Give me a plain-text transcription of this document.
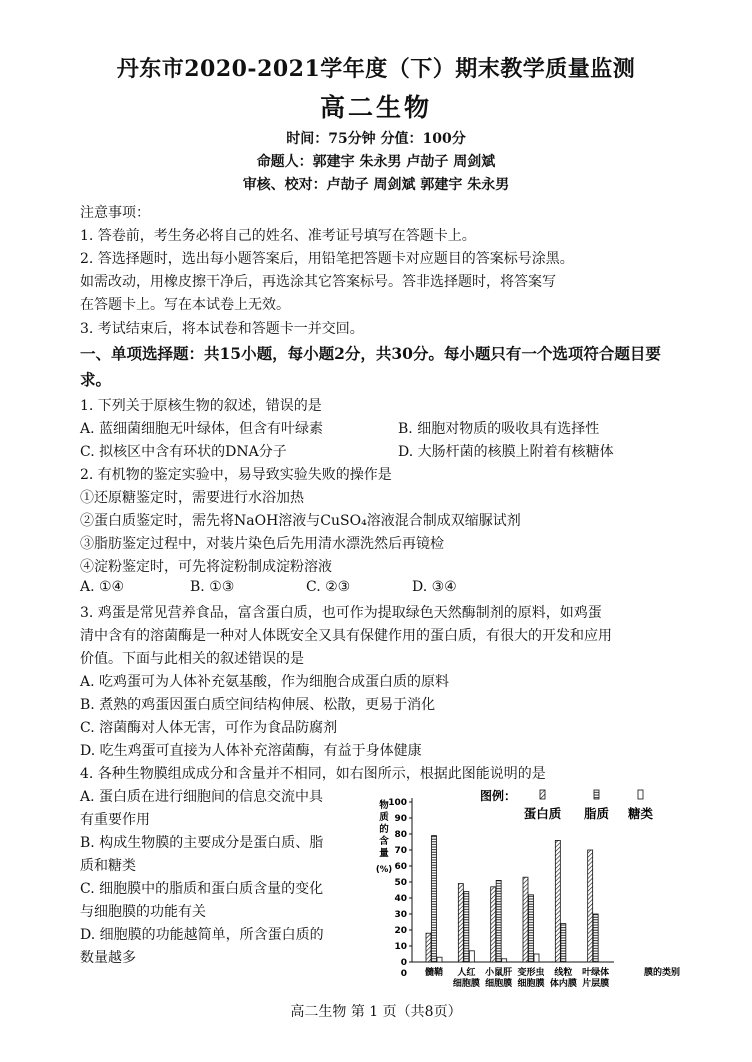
丹东市2020-2021学年度（下）期末教学质量监测
高二生物
时间：75分钟 分值：100分
命题人：郭建宇 朱永男 卢劼子 周剑斌
审核、校对：卢劼子 周剑斌 郭建宇 朱永男
注意事项：
1. 答卷前，考生务必将自己的姓名、准考证号填写在答题卡上。
2. 答选择题时，选出每小题答案后，用铅笔把答题卡对应题目的答案标号涂黑。
如需改动，用橡皮擦干净后，再选涂其它答案标号。答非选择题时，将答案写
在答题卡上。写在本试卷上无效。
3. 考试结束后，将本试卷和答题卡一并交回。
一、单项选择题：共15小题，每小题2分，共30分。每小题只有一个选项符合题目要
求。
1. 下列关于原核生物的叙述，错误的是
A. 蓝细菌细胞无叶绿体，但含有叶绿素	B. 细胞对物质的吸收具有选择性
C. 拟核区中含有环状的DNA分子	D. 大肠杆菌的核膜上附着有核糖体
2. 有机物的鉴定实验中，易导致实验失败的操作是
①还原糖鉴定时，需要进行水浴加热
②蛋白质鉴定时，需先将NaOH溶液与CuSO₄溶液混合制成双缩脲试剂
③脂肪鉴定过程中，对装片染色后先用清水漂洗然后再镜检
④淀粉鉴定时，可先将淀粉制成淀粉溶液
A. ①④	B. ①③	C. ②③	D. ③④
3. 鸡蛋是常见营养食品，富含蛋白质，也可作为提取绿色天然酶制剂的原料，如鸡蛋
清中含有的溶菌酶是一种对人体既安全又具有保健作用的蛋白质，有很大的开发和应用
价值。下面与此相关的叙述错误的是
A. 吃鸡蛋可为人体补充氨基酸，作为细胞合成蛋白质的原料
B. 煮熟的鸡蛋因蛋白质空间结构伸展、松散，更易于消化
C. 溶菌酶对人体无害，可作为食品防腐剂
D. 吃生鸡蛋可直接为人体补充溶菌酶，有益于身体健康
4. 各种生物膜组成成分和含量并不相同，如右图所示，根据此图能说明的是
A. 蛋白质在进行细胞间的信息交流中具
有重要作用
B. 构成生物膜的主要成分是蛋白质、脂
质和糖类
C. 细胞膜中的脂质和蛋白质含量的变化
与细胞膜的功能有关
D. 细胞膜的功能越简单，所含蛋白质的
数量越多
物
质
的
含
量
(%)
0
10
20
30
40
50
60
70
80
90
100
髓鞘 人红
细胞膜
小鼠肝
细胞膜
变形虫
细胞膜
线粒
体内膜
叶绿体
片层膜
膜的类别
0
图例：
蛋白质 脂质 糖类
高二生物 第 1 页（共8页）
